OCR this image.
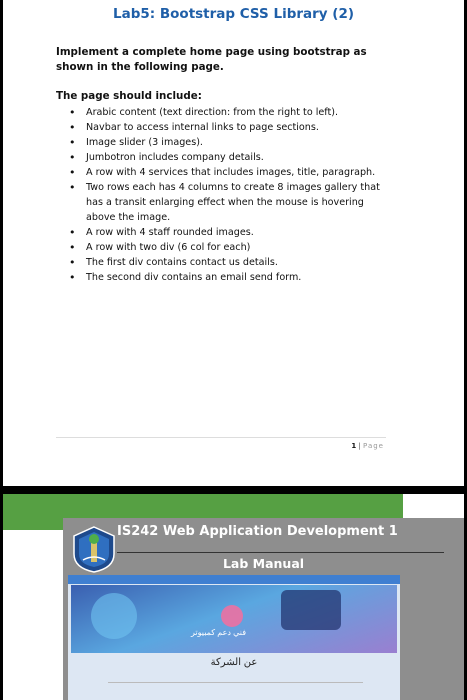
Lab5: Bootstrap CSS Library (2)
Implement a complete home page using bootstrap as shown in the following page.
The page should include:
• Arabic content (text direction: from the right to left).
• Navbar to access internal links to page sections.
• Image slider (3 images).
• Jumbotron includes company details.
• A row with 4 services that includes images, title, paragraph.
• Two rows each has 4 columns to create 8 images gallery that has a transit enlarging effect when the mouse is hovering above the image.
• A row with 4 staff rounded images.
• A row with two div (6 col for each)
• The first div contains contact us details.
• The second div contains an email send form.
1 | Page
IS242 Web Application Development 1
Lab Manual
فني دعم كمبيوتر
عن الشركة
